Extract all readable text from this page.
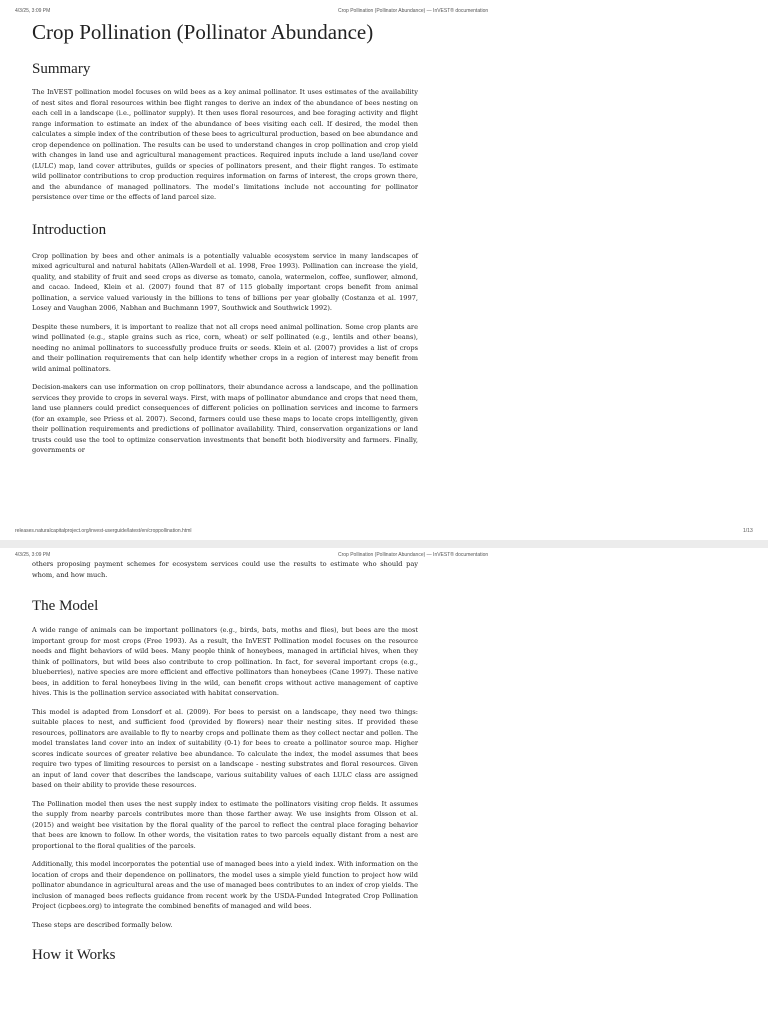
4/3/25, 3:09 PM	Crop Pollination (Pollinator Abundance) — InVEST® documentation
Crop Pollination (Pollinator Abundance)
Summary

The InVEST pollination model focuses on wild bees as a key animal pollinator. It uses estimates of the availability of nest sites and floral resources within bee flight ranges to derive an index of the abundance of bees nesting on each cell in a landscape (i.e., pollinator supply). It then uses floral resources, and bee foraging activity and flight range information to estimate an index of the abundance of bees visiting each cell. If desired, the model then calculates a simple index of the contribution of these bees to agricultural production, based on bee abundance and crop dependence on pollination. The results can be used to understand changes in crop pollination and crop yield with changes in land use and agricultural management practices. Required inputs include a land use/land cover (LULC) map, land cover attributes, guilds or species of pollinators present, and their flight ranges. To estimate wild pollinator contributions to crop production requires information on farms of interest, the crops grown there, and the abundance of managed pollinators. The model's limitations include not accounting for pollinator persistence over time or the effects of land parcel size.

Introduction

Crop pollination by bees and other animals is a potentially valuable ecosystem service in many landscapes of mixed agricultural and natural habitats (Allen-Wardell et al. 1998, Free 1993). Pollination can increase the yield, quality, and stability of fruit and seed crops as diverse as tomato, canola, watermelon, coffee, sunflower, almond, and cacao. Indeed, Klein et al. (2007) found that 87 of 115 globally important crops benefit from animal pollination, a service valued variously in the billions to tens of billions per year globally (Costanza et al. 1997, Losey and Vaughan 2006, Nabhan and Buchmann 1997, Southwick and Southwick 1992).

Despite these numbers, it is important to realize that not all crops need animal pollination. Some crop plants are wind pollinated (e.g., staple grains such as rice, corn, wheat) or self pollinated (e.g., lentils and other beans), needing no animal pollinators to successfully produce fruits or seeds. Klein et al. (2007) provides a list of crops and their pollination requirements that can help identify whether crops in a region of interest may benefit from wild animal pollinators.

Decision-makers can use information on crop pollinators, their abundance across a landscape, and the pollination services they provide to crops in several ways. First, with maps of pollinator abundance and crops that need them, land use planners could predict consequences of different policies on pollination services and income to farmers (for an example, see Priess et al. 2007). Second, farmers could use these maps to locate crops intelligently, given their pollination requirements and predictions of pollinator availability. Third, conservation organizations or land trusts could use the tool to optimize conservation investments that benefit both biodiversity and farmers. Finally, governments or

releases.naturalcapitalproject.org/invest-userguide/latest/en/croppollination.html	1/13
4/3/25, 3:09 PM	Crop Pollination (Pollinator Abundance) — InVEST® documentation

others proposing payment schemes for ecosystem services could use the results to estimate who should pay whom, and how much.

The Model

A wide range of animals can be important pollinators (e.g., birds, bats, moths and flies), but bees are the most important group for most crops (Free 1993). As a result, the InVEST Pollination model focuses on the resource needs and flight behaviors of wild bees. Many people think of honeybees, managed in artificial hives, when they think of pollinators, but wild bees also contribute to crop pollination. In fact, for several important crops (e.g., blueberries), native species are more efficient and effective pollinators than honeybees (Cane 1997). These native bees, in addition to feral honeybees living in the wild, can benefit crops without active management of captive hives. This is the pollination service associated with habitat conservation.

This model is adapted from Lonsdorf et al. (2009). For bees to persist on a landscape, they need two things: suitable places to nest, and sufficient food (provided by flowers) near their nesting sites. If provided these resources, pollinators are available to fly to nearby crops and pollinate them as they collect nectar and pollen. The model translates land cover into an index of suitability (0-1) for bees to create a pollinator source map. Higher scores indicate sources of greater relative bee abundance. To calculate the index, the model assumes that bees require two types of limiting resources to persist on a landscape - nesting substrates and floral resources. Given an input of land cover that describes the landscape, various suitability values of each LULC class are assigned based on their ability to provide these resources.

The Pollination model then uses the nest supply index to estimate the pollinators visiting crop fields. It assumes the supply from nearby parcels contributes more than those farther away. We use insights from Olsson et al. (2015) and weight bee visitation by the floral quality of the parcel to reflect the central place foraging behavior that bees are known to follow. In other words, the visitation rates to two parcels equally distant from a nest are proportional to the floral qualities of the parcels.

Additionally, this model incorporates the potential use of managed bees into a yield index. With information on the location of crops and their dependence on pollinators, the model uses a simple yield function to project how wild pollinator abundance in agricultural areas and the use of managed bees contributes to an index of crop yields. The inclusion of managed bees reflects guidance from recent work by the USDA-Funded Integrated Crop Pollination Project (icpbees.org) to integrate the combined benefits of managed and wild bees.

These steps are described formally below.

How it Works
